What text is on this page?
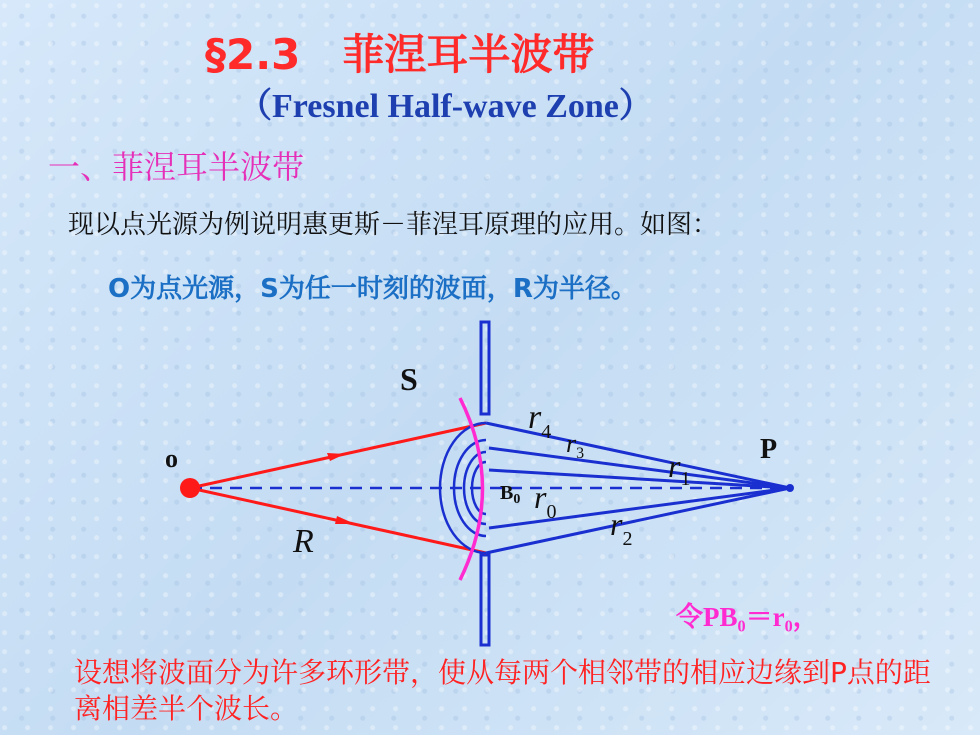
§2.3　菲涅耳半波带
（Fresnel Half-wave Zone）
一、菲涅耳半波带
现以点光源为例说明惠更斯－菲涅耳原理的应用。如图：
O为点光源，S为任一时刻的波面，R为半径。
S
o	P
R
$B_0$ $r_0$
$r_1$
$r_2$
$r_3$
$r_4$
令PB₀＝r₀，
设想将波面分为许多环形带，使从每两个相邻带的相应边缘到P点的距离相差半个波长。
